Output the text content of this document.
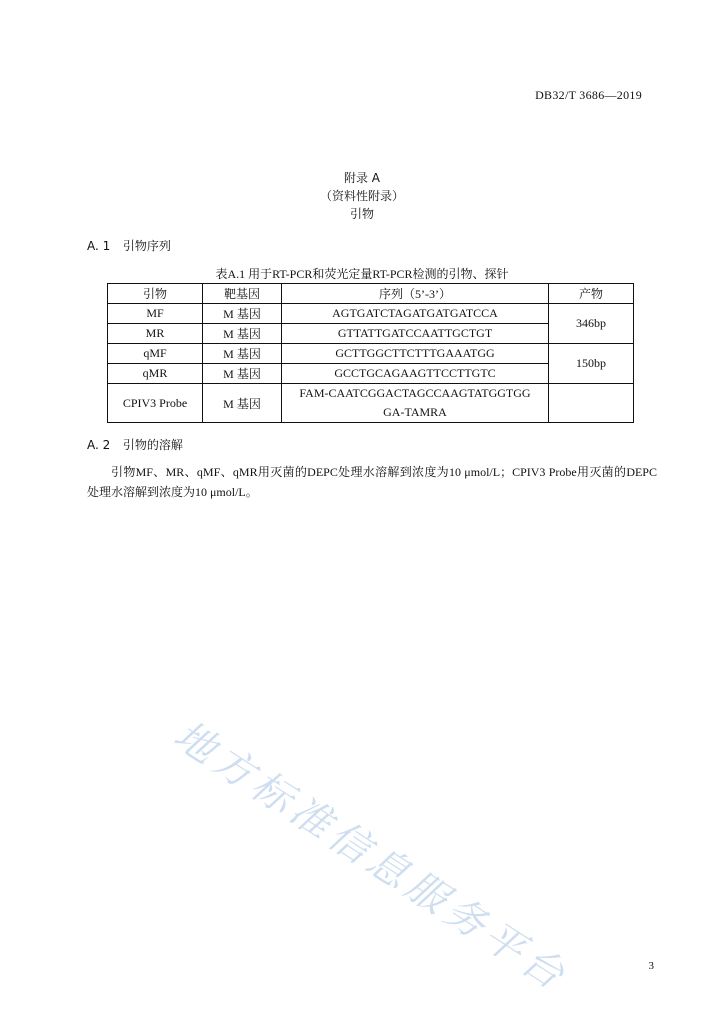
DB32/T 3686—2019
附录 A
（资料性附录）
引物
A. 1 引物序列
表A.1 用于RT-PCR和荧光定量RT-PCR检测的引物、探针
引物	靶基因	序列（5’-3’）	产物
MF	M 基因	AGTGATCTAGATGATGATCCA	346bp
MR	M 基因	GTTATTGATCCAATTGCTGT	
qMF	M 基因	GCTTGGCTTCTTTGAAATGG	150bp
qMR	M 基因	GCCTGCAGAAGTTCCTTGTC	
CPIV3 Probe	M 基因	FAM-CAATCGGACTAGCCAAGTATGGTGG
GA-TAMRA	

A. 2 引物的溶解
引物MF、MR、qMF、qMR用灭菌的DEPC处理水溶解到浓度为10 μmol/L；CPIV3 Probe用灭菌的DEPC处理水溶解到浓度为10 μmol/L。
地方标准信息服务平台	3
